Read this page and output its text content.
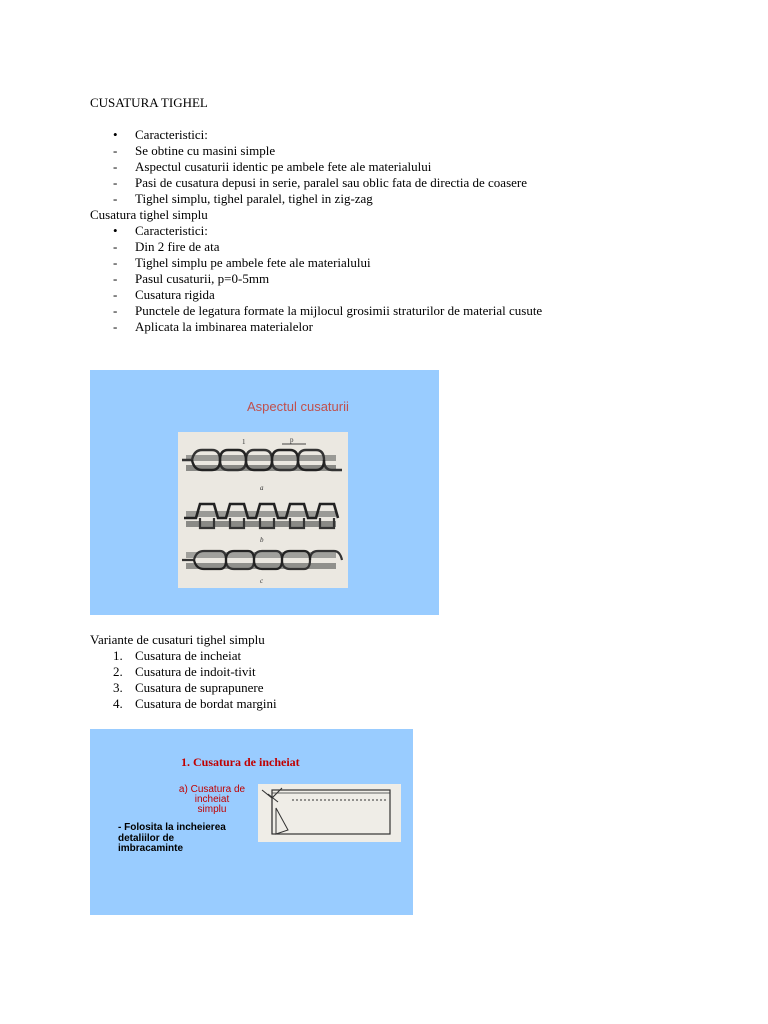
CUSATURA TIGHEL
•	Caracteristici:
-	Se obtine cu masini simple
-	Aspectul cusaturii identic pe ambele fete ale materialului
-	Pasi de cusatura depusi in serie, paralel sau oblic fata de directia de coasere
-	Tighel simplu, tighel paralel, tighel in zig-zag
Cusatura tighel simplu
•	Caracteristici:
-	Din 2 fire de ata
-	Tighel simplu pe ambele fete ale materialului
-	Pasul cusaturii, p=0-5mm
-	Cusatura rigida
-	Punctele de legatura formate la mijlocul grosimii straturilor de material cusute
-	Aplicata la imbinarea materialelor
Aspectul cusaturii
p
1
a
b
c
Variante de cusaturi tighel simplu
1. Cusatura de incheiat
2. Cusatura de indoit-tivit
3. Cusatura de suprapunere
4. Cusatura de bordat margini
1. Cusatura de incheiat
a) Cusatura de
incheiat
simplu
- Folosita la incheierea
detaliilor de
imbracaminte
